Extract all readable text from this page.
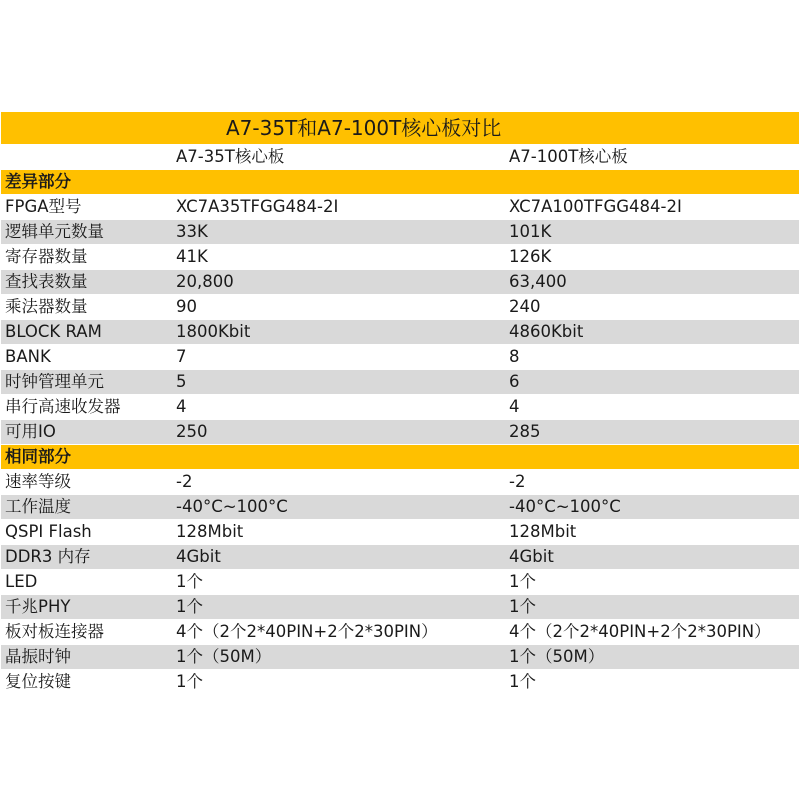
A7-35T和A7-100T核心板对比		

	A7-35T核心板	A7-100T核心板
差异部分		
FPGA型号	XC7A35TFGG484-2I	XC7A100TFGG484-2I
逻辑单元数量	33K	101K
寄存器数量	41K	126K
查找表数量	20,800	63,400
乘法器数量	90	240
BLOCK RAM	1800Kbit	4860Kbit
BANK	7	8
时钟管理单元	5	6
串行高速收发器	4	4
可用IO	250	285
相同部分		
速率等级	-2	-2
工作温度	-40°C~100°C	-40°C~100°C
QSPI Flash	128Mbit	128Mbit
DDR3 内存	4Gbit	4Gbit
LED	1个	1个
千兆PHY	1个	1个
板对板连接器	4个（2个2*40PIN+2个2*30PIN）	4个（2个2*40PIN+2个2*30PIN）
晶振时钟	1个（50M）	1个（50M）
复位按键	1个	1个
